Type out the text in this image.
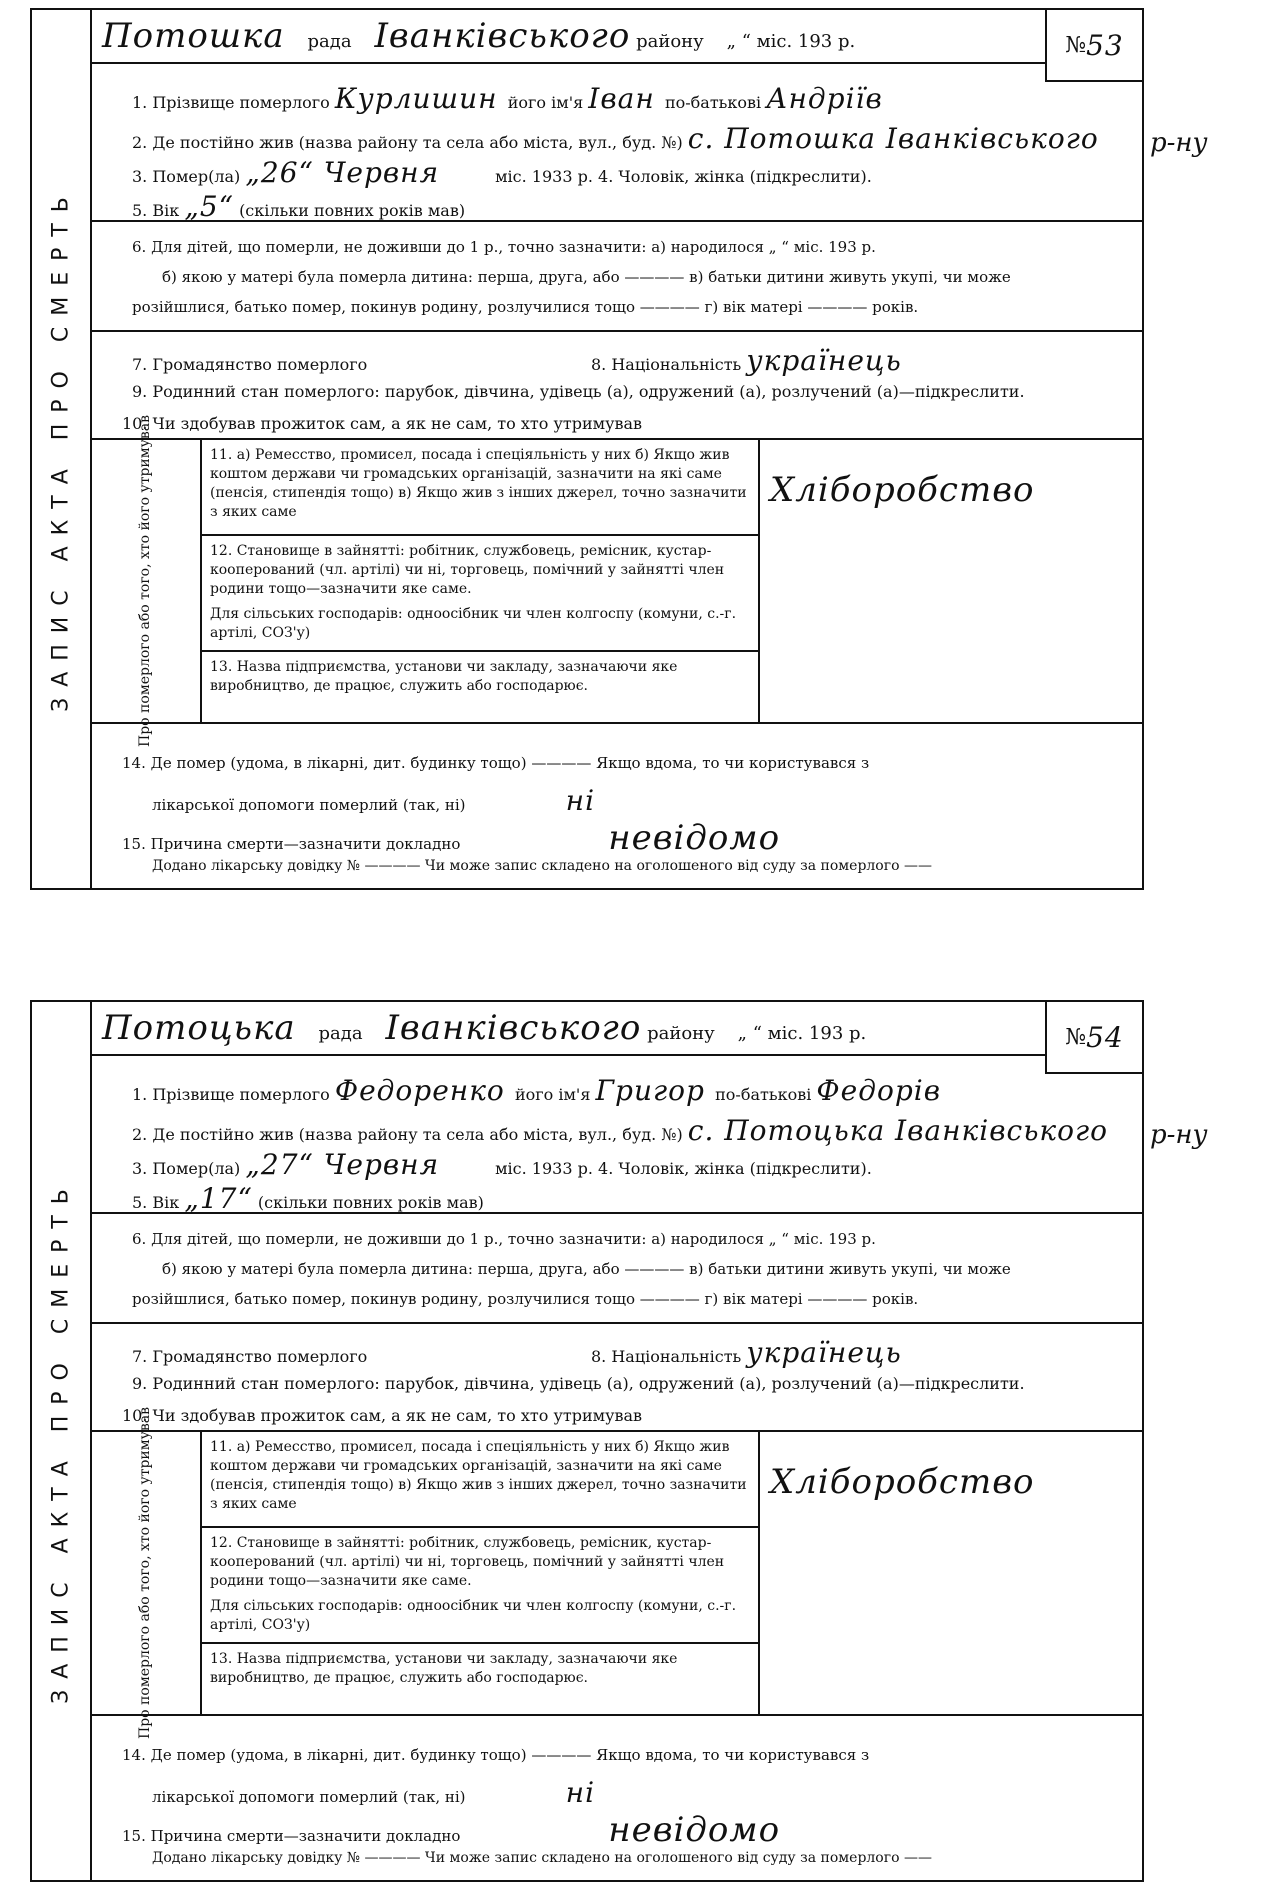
ЗАПИС АКТА ПРО СМЕРТЬ
Потошка рада Іванківського району „ “ міс. 193 р.	№ 53
1. Прізвище померлого Курлишин його ім'я Іван по-батькові Андріїв
2. Де постійно жив (назва району та села або міста, вул., буд. №) с. Потошка Іванківського
3. Помер(ла) „26“ Червня	міс. 1933 р. 4. Чоловік, жінка (підкреслити).
5. Вік „5“ (скільки повних років мав)
6. Для дітей, що померли, не доживши до 1 р., точно зазначити: а) народилося „ “ міс. 193 р.
б) якою у матері була померла дитина: перша, друга, або ———— в) батьки дитини живуть укупі, чи може
розійшлися, батько помер, покинув родину, розлучилися тощо ———— г) вік матері ———— років.
7. Громадянство померлого	8. Національність українець
9. Родинний стан померлого: парубок, дівчина, удівець (а), одружений (а), розлучений (а)—підкреслити.
10. Чи здобував прожиток сам, а як не сам, то хто утримував
Про померлого або того, хто його утримував	11. а) Ремесство, промисел, посада і спеціяльність у них б) Якщо жив коштом держави чи громадських організацій, зазначити на які саме (пенсія, стипендія тощо) в) Якщо жив з інших джерел, точно зазначити з яких саме
Хліборобство
12. Становище в зайнятті: робітник, службовець, ремісник, кустар-кооперований (чл. артілі) чи ні, торговець, помічний у зайнятті член родини тощо—зазначити яке саме.
Для сільських господарів: одноосібник чи член колгоспу (комуни, с.-г. артілі, СОЗ'у)
13. Назва підприємства, установи чи закладу, зазначаючи яке виробництво, де працює, служить або господарює.
14. Де помер (удома, в лікарні, дит. будинку тощо) ———— Якщо вдома, то чи користувався з
лікарської допомоги померлий (так, ні)	ні
15. Причина смерти—зазначити докладно	невідомо
Додано лікарську довідку № ———— Чи може запис складено на оголошеного від суду за померлого ——
р-ну
ЗАПИС АКТА ПРО СМЕРТЬ
Потоцька рада Іванківського району „ “ міс. 193 р.	№ 54
1. Прізвище померлого Федоренко його ім'я Григор по-батькові Федорів
2. Де постійно жив (назва району та села або міста, вул., буд. №) с. Потоцька Іванківського
3. Помер(ла) „27“ Червня	міс. 1933 р. 4. Чоловік, жінка (підкреслити).
5. Вік „17“ (скільки повних років мав)
6. Для дітей, що померли, не доживши до 1 р., точно зазначити: а) народилося „ “ міс. 193 р.
б) якою у матері була померла дитина: перша, друга, або ———— в) батьки дитини живуть укупі, чи може
розійшлися, батько помер, покинув родину, розлучилися тощо ———— г) вік матері ———— років.
7. Громадянство померлого	8. Національність українець
9. Родинний стан померлого: парубок, дівчина, удівець (а), одружений (а), розлучений (а)—підкреслити.
10. Чи здобував прожиток сам, а як не сам, то хто утримував
Про померлого або того, хто його утримував	11. а) Ремесство, промисел, посада і спеціяльність у них б) Якщо жив коштом держави чи громадських організацій, зазначити на які саме (пенсія, стипендія тощо) в) Якщо жив з інших джерел, точно зазначити з яких саме
Хліборобство
12. Становище в зайнятті: робітник, службовець, ремісник, кустар-кооперований (чл. артілі) чи ні, торговець, помічний у зайнятті член родини тощо—зазначити яке саме.
Для сільських господарів: одноосібник чи член колгоспу (комуни, с.-г. артілі, СОЗ'у)
13. Назва підприємства, установи чи закладу, зазначаючи яке виробництво, де працює, служить або господарює.
14. Де помер (удома, в лікарні, дит. будинку тощо) ———— Якщо вдома, то чи користувався з
лікарської допомоги померлий (так, ні)	ні
15. Причина смерти—зазначити докладно	невідомо
Додано лікарську довідку № ———— Чи може запис складено на оголошеного від суду за померлого ——
р-ну
